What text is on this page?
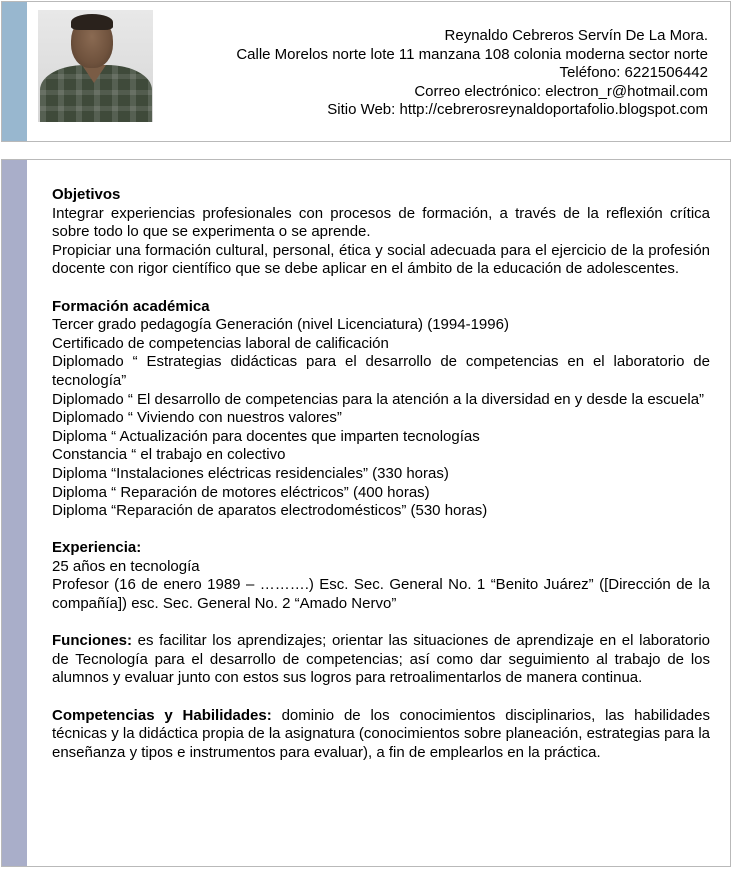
Reynaldo Cebreros Servín De La Mora.
Calle Morelos norte lote 11 manzana 108 colonia moderna sector norte
Teléfono: 6221506442
Correo electrónico: electron_r@hotmail.com
Sitio Web: http://cebrerosreynaldoportafolio.blogspot.com

Objetivos

Integrar experiencias profesionales con procesos de formación, a través de la reflexión crítica sobre todo lo que se experimenta o se aprende.

Propiciar una formación cultural, personal, ética y social adecuada para el ejercicio de la profesión docente con rigor científico que se debe aplicar en el ámbito de la educación de adolescentes.

Formación académica

Tercer grado pedagogía Generación (nivel Licenciatura) (1994-1996)

Certificado de competencias laboral de calificación

Diplomado “ Estrategias didácticas para el desarrollo de competencias en el laboratorio de tecnología”

Diplomado “ El desarrollo de competencias para la atención a la diversidad en y desde la escuela”

Diplomado “ Viviendo con nuestros valores”

Diploma “ Actualización para docentes que imparten tecnologías

Constancia “ el trabajo en colectivo

Diploma “Instalaciones eléctricas residenciales” (330 horas)

Diploma “ Reparación de motores eléctricos” (400 horas)

Diploma “Reparación de aparatos electrodomésticos” (530 horas)

Experiencia:

25 años en tecnología

Profesor (16 de enero 1989 – ……….) Esc. Sec. General No. 1 “Benito Juárez” ([Dirección de la compañía]) esc. Sec. General No. 2 “Amado Nervo”

Funciones: es facilitar los aprendizajes; orientar las situaciones de aprendizaje en el laboratorio de Tecnología para el desarrollo de competencias; así como dar seguimiento al trabajo de los alumnos y evaluar junto con estos sus logros para retroalimentarlos de manera continua.

Competencias y Habilidades: dominio de los conocimientos disciplinarios, las habilidades técnicas y la didáctica propia de la asignatura (conocimientos sobre planeación, estrategias para la enseñanza y tipos e instrumentos para evaluar), a fin de emplearlos en la práctica.
